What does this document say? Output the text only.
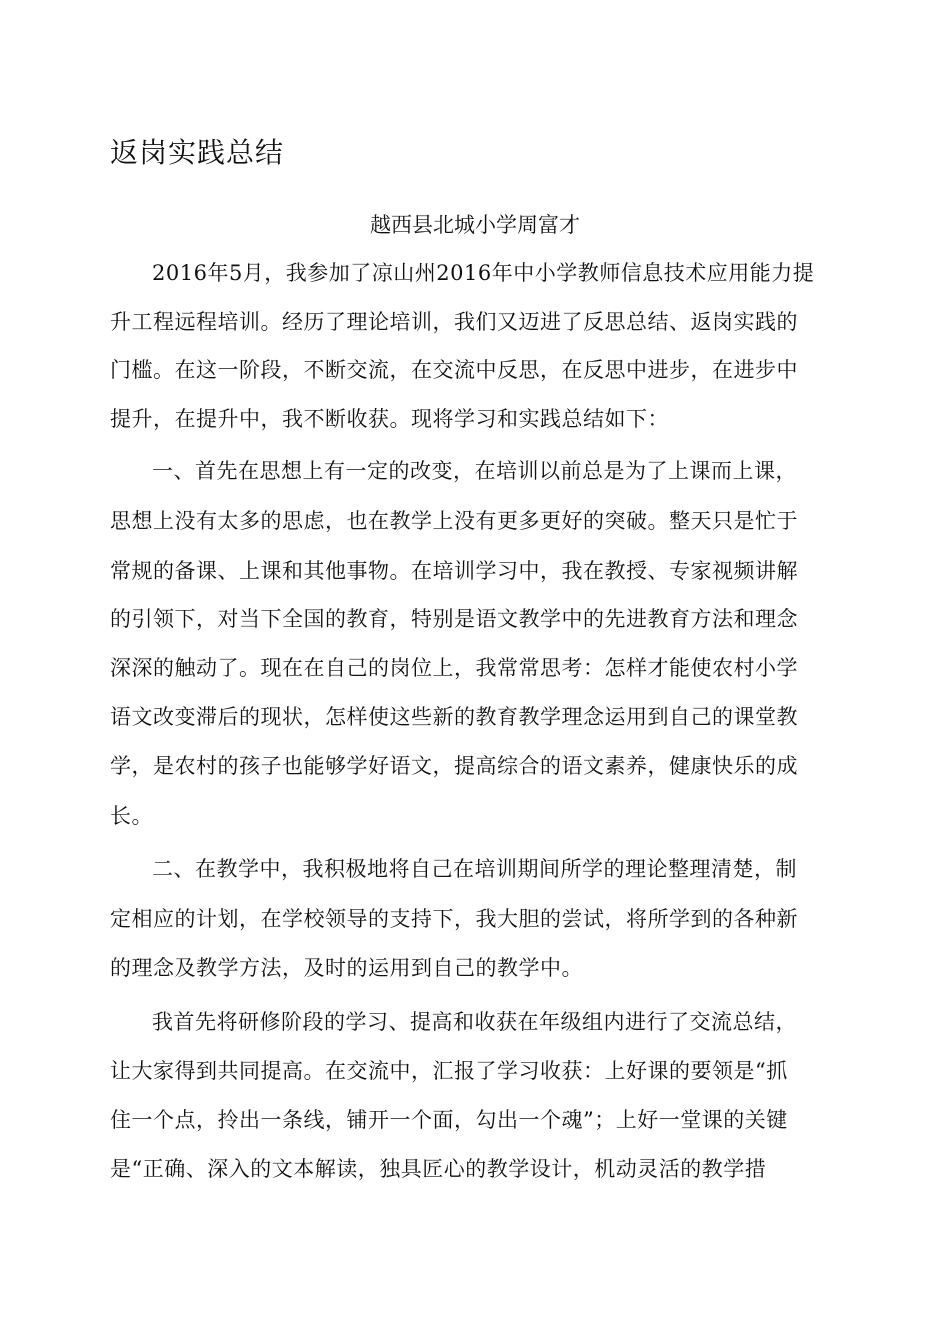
返岗实践总结
越西县北城小学周富才
2016年5月，我参加了凉山州2016年中小学教师信息技术应用能力提
升工程远程培训。经历了理论培训，我们又迈进了反思总结、返岗实践的
门槛。在这一阶段，不断交流，在交流中反思，在反思中进步，在进步中
提升，在提升中，我不断收获。现将学习和实践总结如下：
一、首先在思想上有一定的改变，在培训以前总是为了上课而上课，
思想上没有太多的思虑，也在教学上没有更多更好的突破。整天只是忙于
常规的备课、上课和其他事物。在培训学习中，我在教授、专家视频讲解
的引领下，对当下全国的教育，特别是语文教学中的先进教育方法和理念
深深的触动了。现在在自己的岗位上，我常常思考：怎样才能使农村小学
语文改变滞后的现状，怎样使这些新的教育教学理念运用到自己的课堂教
学，是农村的孩子也能够学好语文，提高综合的语文素养，健康快乐的成
长。
二、在教学中，我积极地将自己在培训期间所学的理论整理清楚，制
定相应的计划，在学校领导的支持下，我大胆的尝试，将所学到的各种新
的理念及教学方法，及时的运用到自己的教学中。
我首先将研修阶段的学习、提高和收获在年级组内进行了交流总结，
让大家得到共同提高。在交流中，汇报了学习收获：上好课的要领是“抓
住一个点，拎出一条线，铺开一个面，勾出一个魂”；上好一堂课的关键
是“正确、深入的文本解读，独具匠心的教学设计，机动灵活的教学措
